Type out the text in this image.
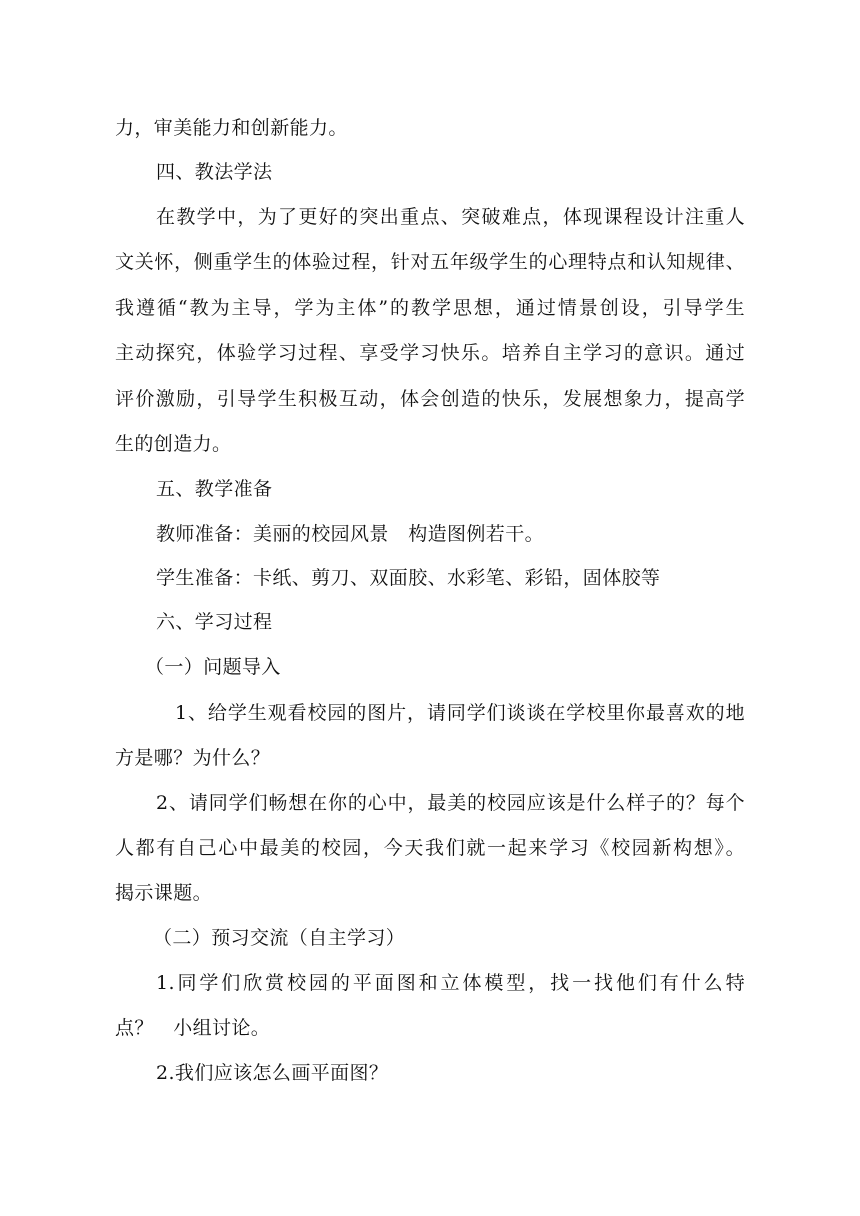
力，审美能力和创新能力。
四、教法学法
在教学中，为了更好的突出重点、突破难点，体现课程设计注重人
文关怀，侧重学生的体验过程，针对五年级学生的心理特点和认知规律、
我遵循“教为主导，学为主体”的教学思想，通过情景创设，引导学生
主动探究，体验学习过程、享受学习快乐。培养自主学习的意识。通过
评价激励，引导学生积极互动，体会创造的快乐，发展想象力，提高学
生的创造力。
五、教学准备
教师准备：美丽的校园风景　构造图例若干。
学生准备：卡纸、剪刀、双面胶、水彩笔、彩铅，固体胶等
六、学习过程
（一）问题导入
1、给学生观看校园的图片，请同学们谈谈在学校里你最喜欢的地
方是哪？为什么？
2、请同学们畅想在你的心中，最美的校园应该是什么样子的？每个
人都有自己心中最美的校园，今天我们就一起来学习《校园新构想》。
揭示课题。
（二）预习交流（自主学习）
1.同学们欣赏校园的平面图和立体模型，找一找他们有什么特
点？　小组讨论。
2.我们应该怎么画平面图？
